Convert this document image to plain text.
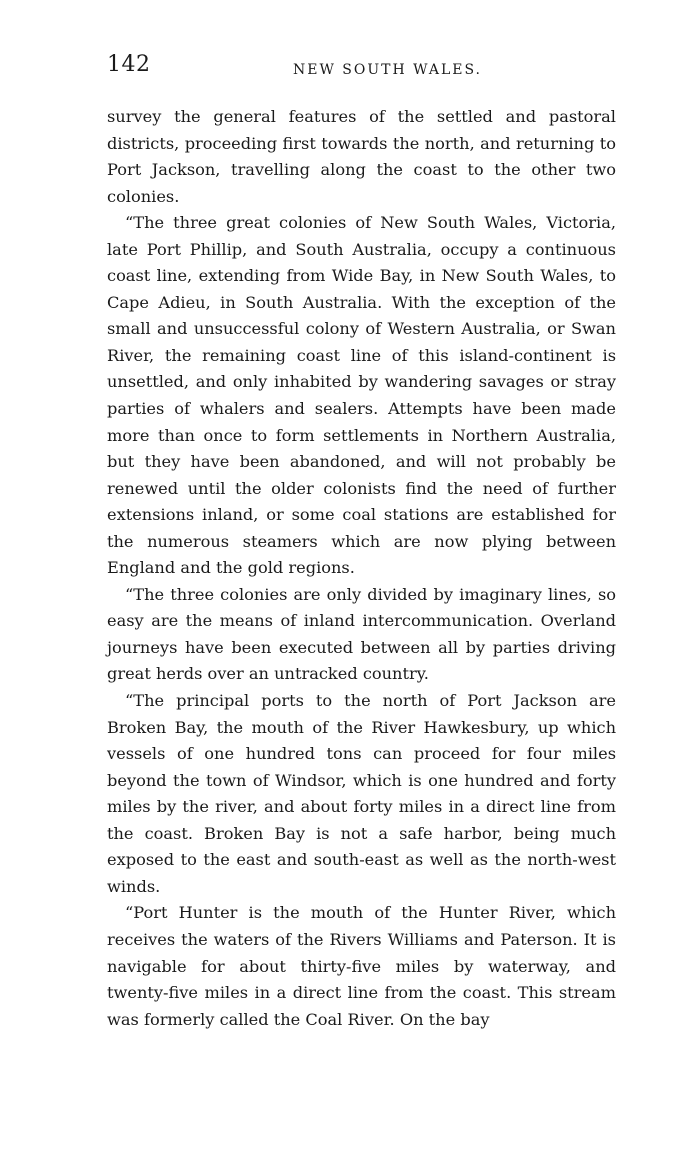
142	NEW SOUTH WALES.

survey the general features of the settled and pastoral districts, proceeding first towards the north, and returning to Port Jackson, travelling along the coast to the other two colonies.

“The three great colonies of New South Wales, Victoria, late Port Phillip, and South Australia, occupy a continuous coast line, extending from Wide Bay, in New South Wales, to Cape Adieu, in South Australia. With the exception of the small and unsuccessful colony of Western Australia, or Swan River, the remaining coast line of this island-continent is unsettled, and only inhabited by wandering savages or stray parties of whalers and sealers. Attempts have been made more than once to form settlements in Northern Australia, but they have been abandoned, and will not probably be renewed until the older colonists find the need of further extensions inland, or some coal stations are established for the numerous steamers which are now plying between England and the gold regions.

“The three colonies are only divided by imaginary lines, so easy are the means of inland intercommunication. Overland journeys have been executed between all by parties driving great herds over an untracked country.

“The principal ports to the north of Port Jackson are Broken Bay, the mouth of the River Hawkesbury, up which vessels of one hundred tons can proceed for four miles beyond the town of Windsor, which is one hundred and forty miles by the river, and about forty miles in a direct line from the coast. Broken Bay is not a safe harbor, being much exposed to the east and south-east as well as the north-west winds.

“Port Hunter is the mouth of the Hunter River, which receives the waters of the Rivers Williams and Paterson. It is navigable for about thirty-five miles by waterway, and twenty-five miles in a direct line from the coast. This stream was formerly called the Coal River. On the bay
